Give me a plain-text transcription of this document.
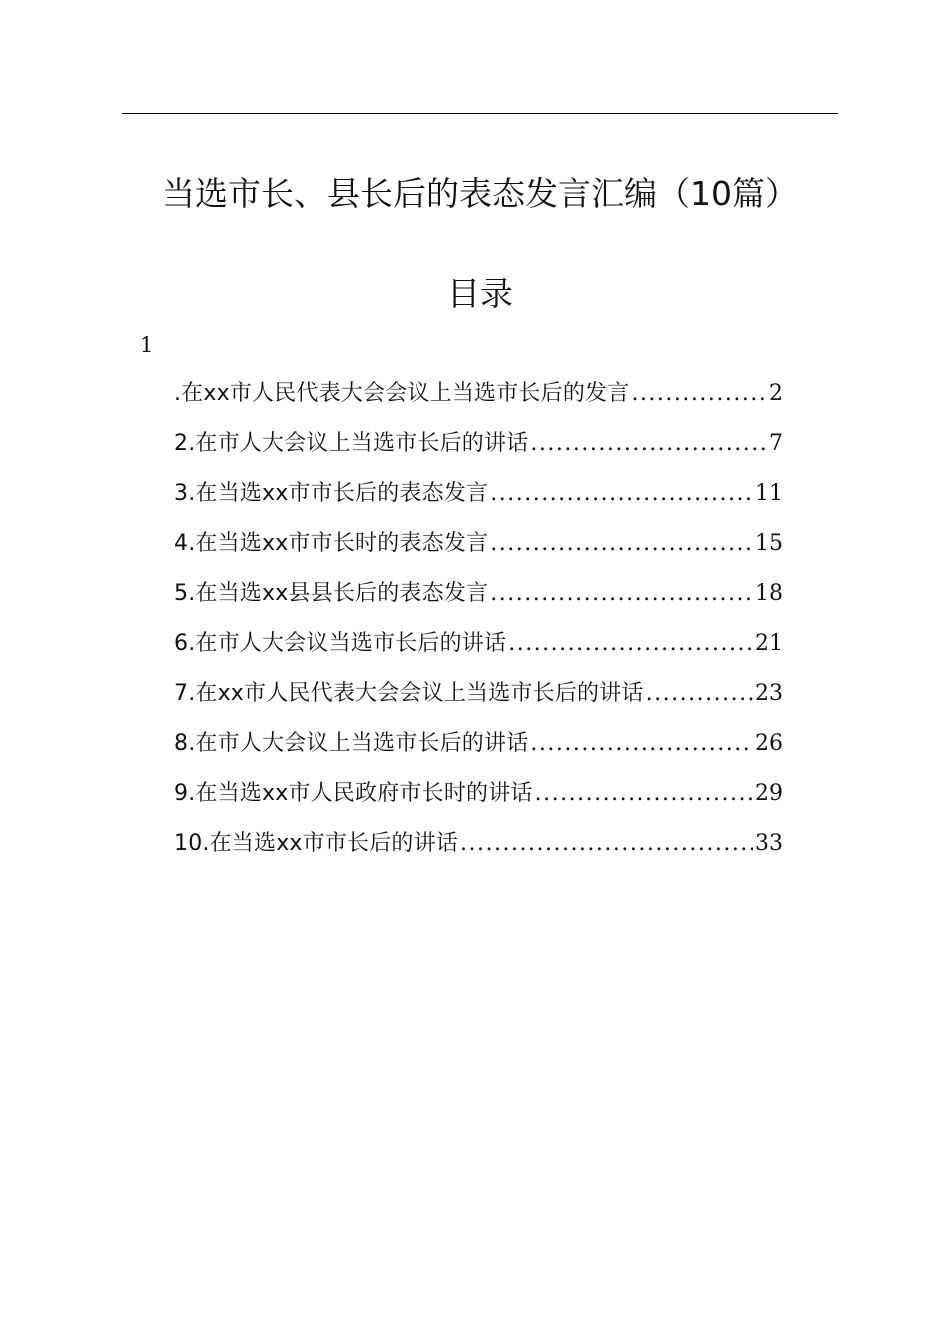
当选市长、县长后的表态发言汇编（10篇）
目录
1
.在xx市人民代表大会会议上当选市长后的发言 .....	2
2.在市人大会议上当选市长后的讲话 .....	7
3.在当选xx市市长后的表态发言 .....	11
4.在当选xx市市长时的表态发言 .....	15
5.在当选xx县县长后的表态发言 .....	18
6.在市人大会议当选市长后的讲话 .....	21
7.在xx市人民代表大会会议上当选市长后的讲话 .....	23
8.在市人大会议上当选市长后的讲话 .....	26
9.在当选xx市人民政府市长时的讲话 .....	29
10.在当选xx市市长后的讲话 .....	33
